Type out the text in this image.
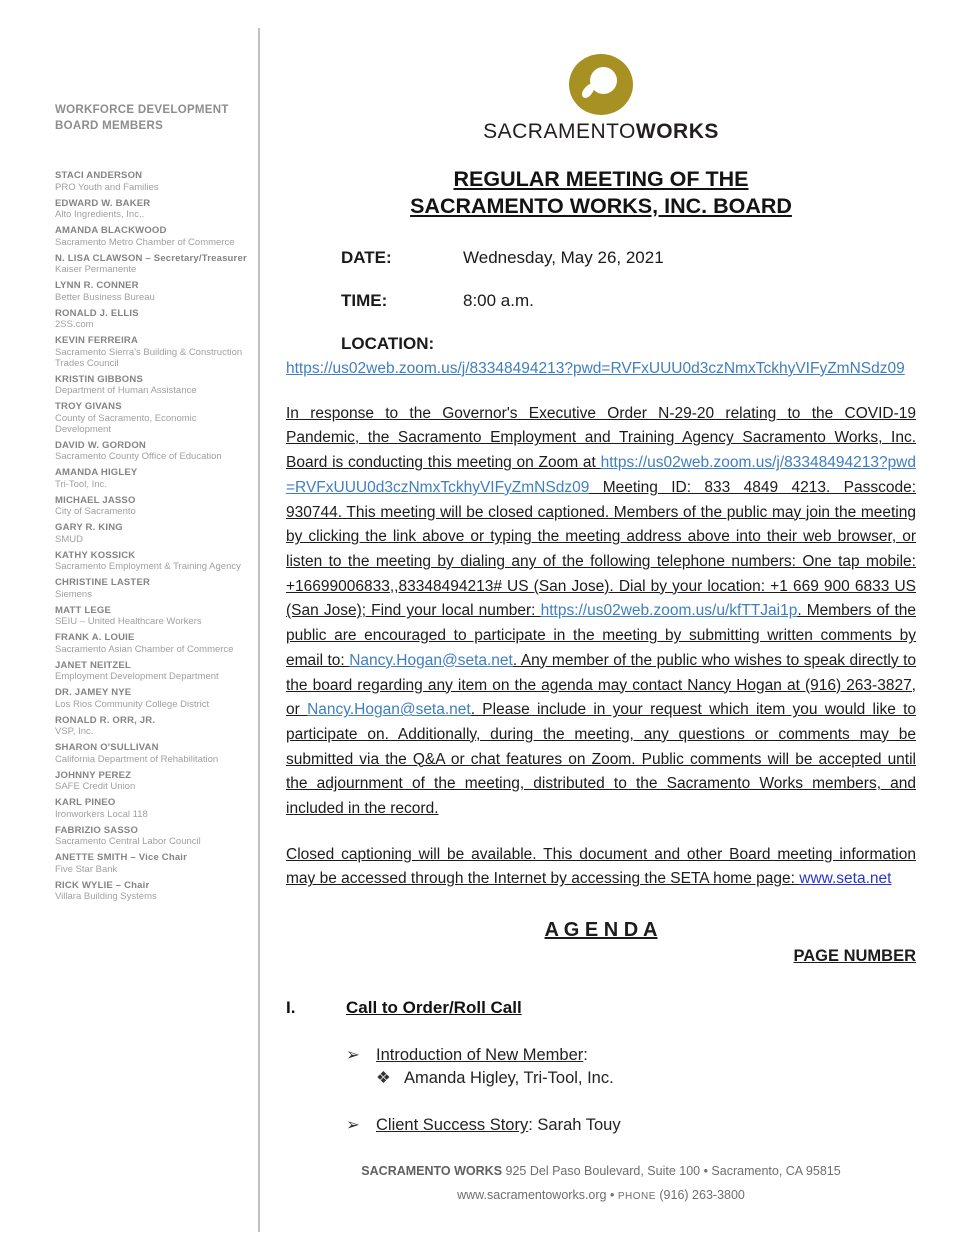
WORKFORCE DEVELOPMENT BOARD MEMBERS
STACI ANDERSON
PRO Youth and Families
EDWARD W. BAKER
Alto Ingredients, Inc..
AMANDA BLACKWOOD
Sacramento Metro Chamber of Commerce
N. LISA CLAWSON – Secretary/Treasurer
Kaiser Permanente
LYNN R. CONNER
Better Business Bureau
RONALD J. ELLIS
2SS.com
KEVIN FERREIRA
Sacramento Sierra's Building & Construction Trades Council
KRISTIN GIBBONS
Department of Human Assistance
TROY GIVANS
County of Sacramento, Economic Development
DAVID W. GORDON
Sacramento County Office of Education
AMANDA HIGLEY
Tri-Tool, Inc.
MICHAEL JASSO
City of Sacramento
GARY R. KING
SMUD
KATHY KOSSICK
Sacramento Employment & Training Agency
CHRISTINE LASTER
Siemens
MATT LEGE
SEIU – United Healthcare Workers
FRANK A. LOUIE
Sacramento Asian Chamber of Commerce
JANET NEITZEL
Employment Development Department
DR. JAMEY NYE
Los Rios Community College District
RONALD R. ORR, JR.
VSP, Inc.
SHARON O'SULLIVAN
California Department of Rehabilitation
JOHNNY PEREZ
SAFE Credit Union
KARL PINEO
Ironworkers Local 118
FABRIZIO SASSO
Sacramento Central Labor Council
ANETTE SMITH – Vice Chair
Five Star Bank
RICK WYLIE – Chair
Villara Building Systems
SACRAMENTOWORKS
REGULAR MEETING OF THE
SACRAMENTO WORKS, INC. BOARD
DATE:	Wednesday, May 26, 2021
TIME:	8:00 a.m.
LOCATION:
https://us02web.zoom.us/j/83348494213?pwd=RVFxUUU0d3czNmxTckhyVIFyZmNSdz09
In response to the Governor's Executive Order N-29-20 relating to the COVID-19 Pandemic, the Sacramento Employment and Training Agency Sacramento Works, Inc. Board is conducting this meeting on Zoom at https://us02web.zoom.us/j/83348494213?pwd=RVFxUUU0d3czNmxTckhyVIFyZmNSdz09 Meeting ID: 833 4849 4213. Passcode: 930744. This meeting will be closed captioned. Members of the public may join the meeting by clicking the link above or typing the meeting address above into their web browser, or listen to the meeting by dialing any of the following telephone numbers: One tap mobile: +16699006833,,83348494213# US (San Jose). Dial by your location: +1 669 900 6833 US (San Jose); Find your local number: https://us02web.zoom.us/u/kfTTJai1p. Members of the public are encouraged to participate in the meeting by submitting written comments by email to: Nancy.Hogan@seta.net. Any member of the public who wishes to speak directly to the board regarding any item on the agenda may contact Nancy Hogan at (916) 263-3827, or Nancy.Hogan@seta.net. Please include in your request which item you would like to participate on. Additionally, during the meeting, any questions or comments may be submitted via the Q&A or chat features on Zoom. Public comments will be accepted until the adjournment of the meeting, distributed to the Sacramento Works members, and included in the record.
Closed captioning will be available. This document and other Board meeting information may be accessed through the Internet by accessing the SETA home page: www.seta.net
A G E N D A
PAGE NUMBER
I.	Call to Order/Roll Call
➢ Introduction of New Member:
❖ Amanda Higley, Tri-Tool, Inc.
➢ Client Success Story: Sarah Touy
SACRAMENTO WORKS 925 Del Paso Boulevard, Suite 100 • Sacramento, CA 95815
www.sacramentoworks.org • PHONE (916) 263-3800
